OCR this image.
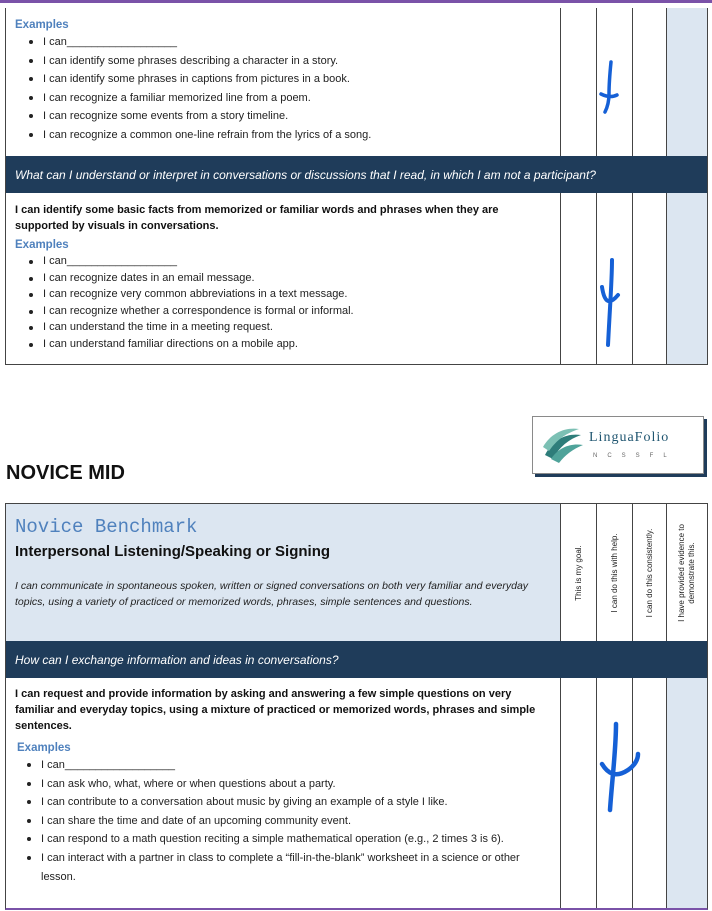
Examples
I can__________________
I can identify some phrases describing a character in a story.
I can identify some phrases in captions from pictures in a book.
I can recognize a familiar memorized line from a poem.
I can recognize some events from a story timeline.
I can recognize a common one-line refrain from the lyrics of a song.
What can I understand or interpret in conversations or discussions that I read, in which I am not a participant?
I can identify some basic facts from memorized or familiar words and phrases when they are supported by visuals in conversations.
Examples
I can__________________
I can recognize dates in an email message.
I can recognize very common abbreviations in a text message.
I can recognize whether a correspondence is formal or informal.
I can understand the time in a meeting request.
I can understand familiar directions on a mobile app.
LinguaFolio
NCSSFL
NOVICE MID
Novice Benchmark
Interpersonal Listening/Speaking or Signing
I can communicate in spontaneous spoken, written or signed conversations on both very familiar and everyday topics, using a variety of practiced or memorized words, phrases, simple sentences and questions.
This is my goal.	I can do this with help.	I can do this consistently.	I have provided evidence to demonstrate this.
How can I exchange information and ideas in conversations?
I can request and provide information by asking and answering a few simple questions on very familiar and everyday topics, using a mixture of practiced or memorized words, phrases and simple sentences.
Examples
I can__________________
I can ask who, what, where or when questions about a party.
I can contribute to a conversation about music by giving an example of a style I like.
I can share the time and date of an upcoming community event.
I can respond to a math question reciting a simple mathematical operation (e.g., 2 times 3 is 6).
I can interact with a partner in class to complete a “fill-in-the-blank” worksheet in a science or other lesson.
